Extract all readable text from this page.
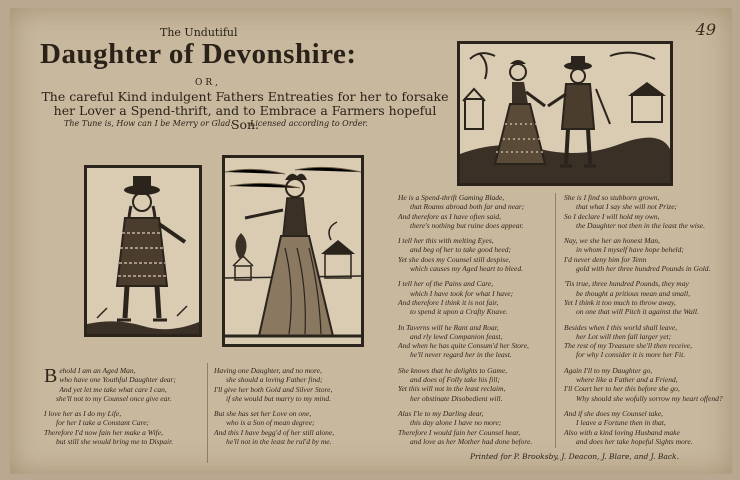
49
The Undutiful
Daughter of Devonshire:
OR,
The careful Kind indulgent Fathers Entreaties for her to forsake her Lover a Spend-thrift, and to Embrace a Farmers hopeful Son.
The Tune is, How can I be Merry or Glad. Licensed according to Order.
B ehold I am an Aged Man,
who have one Youthful Daughter dear;
And yet let me take what care I can,
she'll not to my Counsel once give ear.
I love her as I do my Life,
for her I take a Constant Care;
Therefore I'd now fain her make a Wife,
but still she would bring me to Dispair.
Having one Daughter, and no more,
she should a loving Father find;
I'll give her both Gold and Silver Store,
if she would but marry to my mind.
But she has set her Love on one,
who is a Son of mean degree;
And this I have begg'd of her still alone,
he'll not in the least be rul'd by me.
He is a Spend-thrift Gaming Blade,
that Roams abroad both far and near;
And therefore as I have often said,
there's nothing but ruine does appear.
I tell her this with melting Eyes,
and beg of her to take good heed;
Yet she does my Counsel still despise,
which causes my Aged heart to bleed.
I tell her of the Pains and Care,
which I have took for what I have;
And therefore I think it is not fair,
to spend it upon a Crafty Knave.
In Taverns will he Rant and Roar,
and rly lewd Companion feast,
And when he has quite Consum'd her Store,
he'll never regard her in the least.
She knows that he delights to Game,
and does of Folly take his fill;
Yet this will not in the least reclaim,
her obstinate Disobedient will.
Alas I'le to my Darling dear,
this day alone I have no more;
Therefore I would fain her Counsel hear,
and love as her Mother had done before.
She is I find so stubborn grown,
that what I say she will not Prize;
So I declare I will hold my own,
the Daughter not then in the least the wise.
Nay, we she her an honest Man,
in whom I myself have hope beheld;
I'd never deny him for Tenn
gold with her three hundred Pounds in Gold.
'Tis true, three hundred Pounds, they may
be thought a pritious mean and small,
Yet I think it too much to throw away,
on one that will Pitch it against the Wall.
Besides when I this world shall leave,
her Lot will then fall larger yet;
The rest of my Treasure she'll then receive,
for why I consider it is more her Fit.
Again I'll to my Daughter go,
where like a Father and a Friend,
I'll Court her to her this before she go,
Why should she wofully sorrow my heart offend?
And if she does my Counsel take,
I leave a Fortune then in that,
Also with a kind loving Husband make
and does her take hopeful Sights more.
Printed for P. Brooksby, J. Deacon, J. Blare, and J. Back.
